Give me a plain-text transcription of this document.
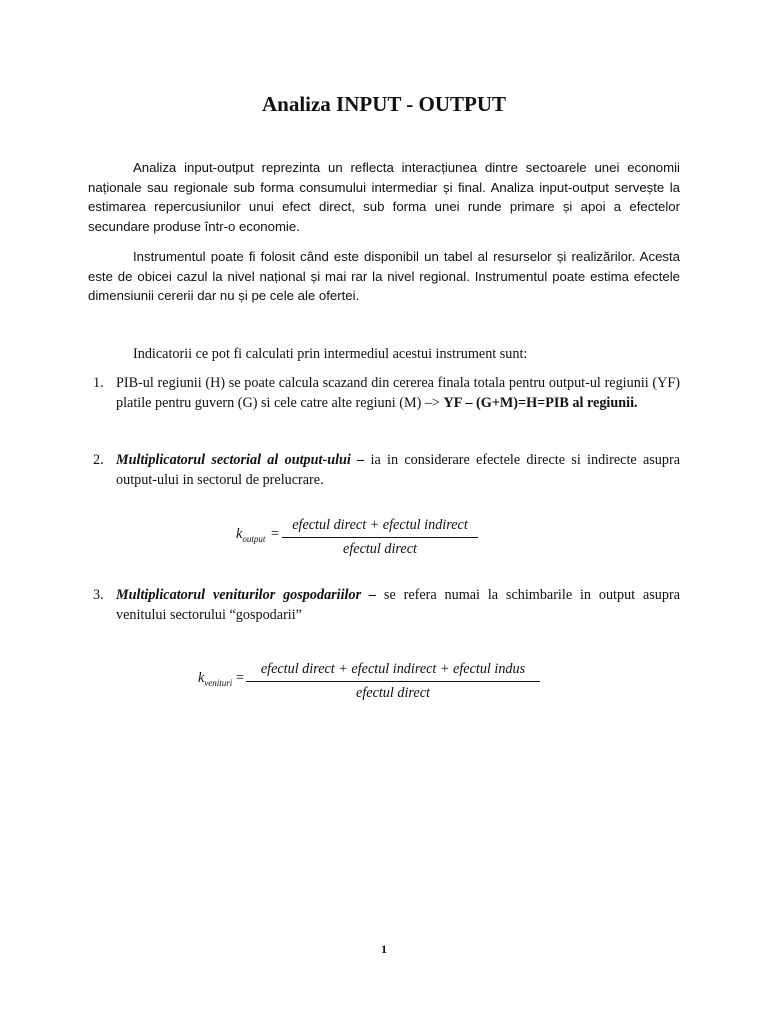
Analiza INPUT - OUTPUT

Analiza input-output reprezinta un reflecta interacțiunea dintre sectoarele unei economii naționale sau regionale sub forma consumului intermediar și final. Analiza input-output servește la estimarea repercusiunilor unui efect direct, sub forma unei runde primare și apoi a efectelor secundare produse într-o economie.

Instrumentul poate fi folosit când este disponibil un tabel al resurselor și realizărilor. Acesta este de obicei cazul la nivel național și mai rar la nivel regional. Instrumentul poate estima efectele dimensiunii cererii dar nu și pe cele ale ofertei.

Indicatorii ce pot fi calculati prin intermediul acestui instrument sunt:

1. PIB-ul regiunii (H) se poate calcula scazand din cererea finala totala pentru output-ul regiunii (YF) platile pentru guvern (G) si cele catre alte regiuni (M) –> YF – (G+M)=H=PIB al regiunii.
2. Multiplicatorul sectorial al output-ului – ia in considerare efectele directe si indirecte asupra output-ului in sectorul de prelucrare.
$k_{output}$ =
efectul direct + efectul indirect
efectul direct
3. Multiplicatorul veniturilor gospodariilor – se refera numai la schimbarile in output asupra venitului sectorului “gospodarii”
$k_{venituri}$ =
efectul direct + efectul indirect + efectul indus
efectul direct
1
